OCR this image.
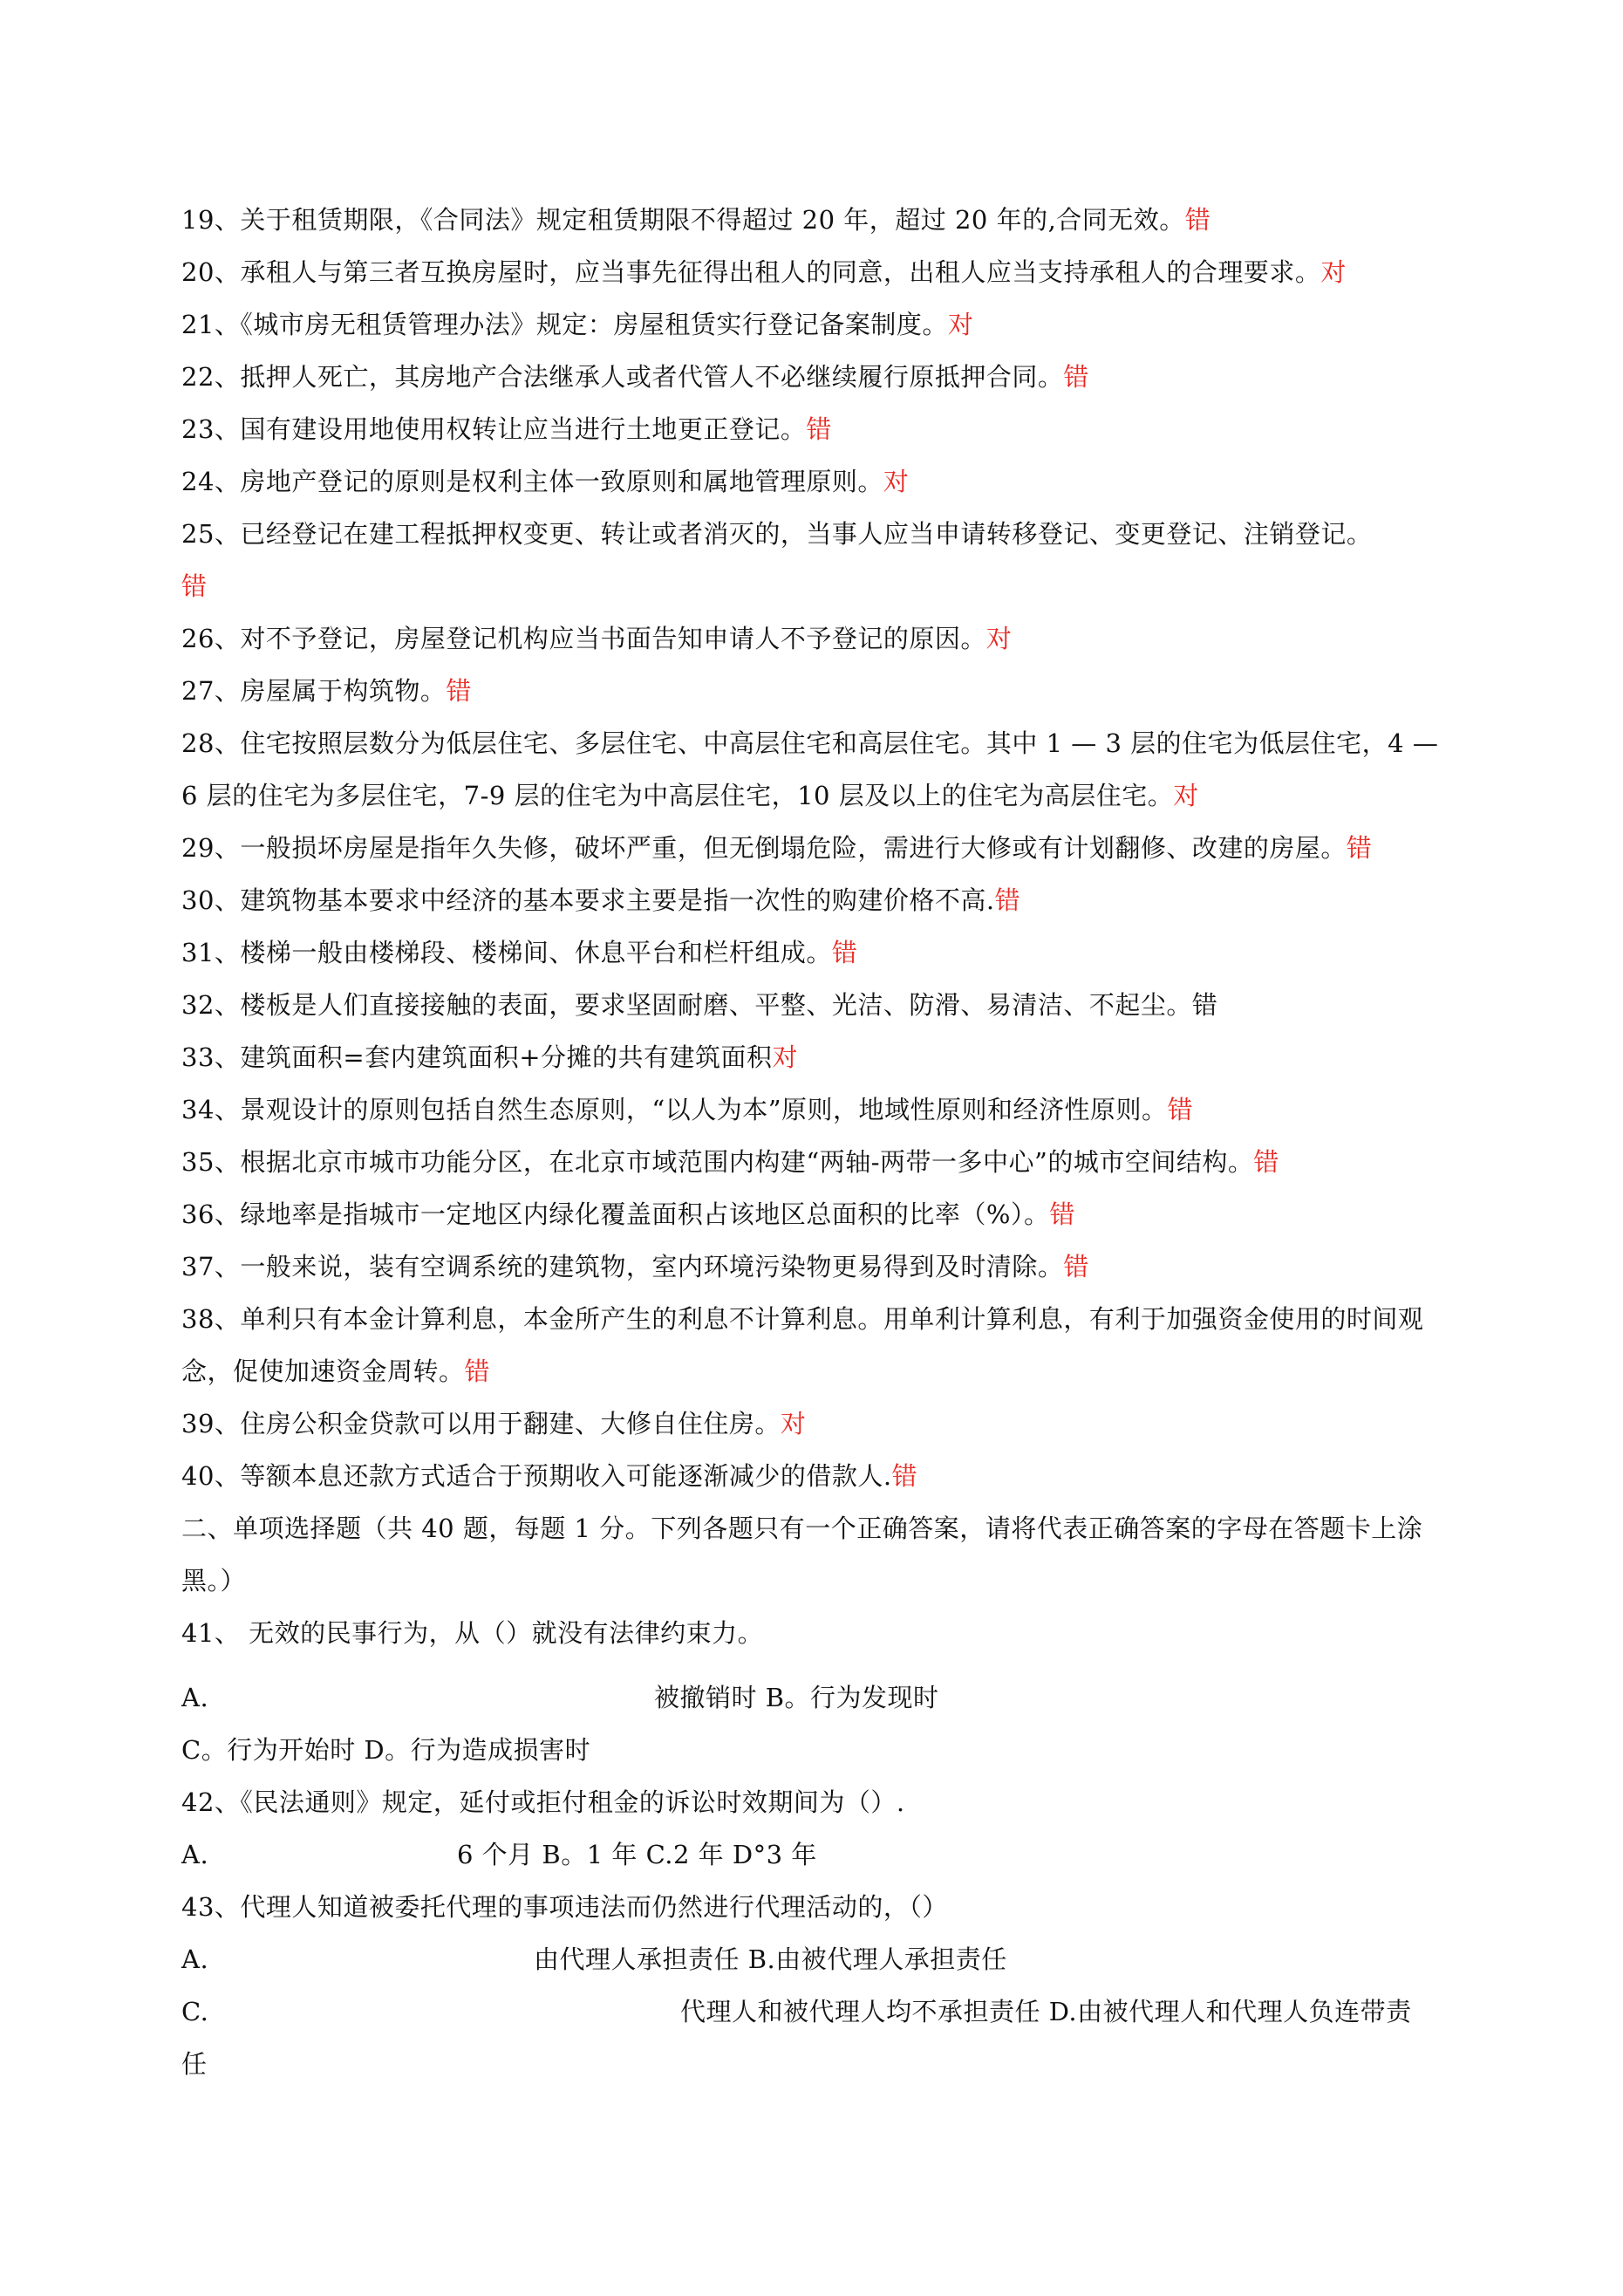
19、关于租赁期限，《合同法》规定租赁期限不得超过 20 年，超过 20 年的,合同无效。错
20、承租人与第三者互换房屋时，应当事先征得出租人的同意，出租人应当支持承租人的合理要求。对
21、《城市房无租赁管理办法》规定：房屋租赁实行登记备案制度。对
22、抵押人死亡，其房地产合法继承人或者代管人不必继续履行原抵押合同。错
23、国有建设用地使用权转让应当进行土地更正登记。错
24、房地产登记的原则是权利主体一致原则和属地管理原则。对
25、已经登记在建工程抵押权变更、转让或者消灭的，当事人应当申请转移登记、变更登记、注销登记。
错
26、对不予登记，房屋登记机构应当书面告知申请人不予登记的原因。对
27、房屋属于构筑物。错
28、住宅按照层数分为低层住宅、多层住宅、中高层住宅和高层住宅。其中 1 — 3 层的住宅为低层住宅，4 —6 层的住宅为多层住宅，7-9 层的住宅为中高层住宅，10 层及以上的住宅为高层住宅。对
29、一般损坏房屋是指年久失修，破坏严重，但无倒塌危险，需进行大修或有计划翻修、改建的房屋。错
30、建筑物基本要求中经济的基本要求主要是指一次性的购建价格不高.错
31、楼梯一般由楼梯段、楼梯间、休息平台和栏杆组成。错
32、楼板是人们直接接触的表面，要求坚固耐磨、平整、光洁、防滑、易清洁、不起尘。错
33、建筑面积=套内建筑面积+分摊的共有建筑面积对
34、景观设计的原则包括自然生态原则，“以人为本”原则，地域性原则和经济性原则。错
35、根据北京市城市功能分区，在北京市域范围内构建“两轴-两带一多中心”的城市空间结构。错
36、绿地率是指城市一定地区内绿化覆盖面积占该地区总面积的比率（%）。错
37、一般来说，装有空调系统的建筑物，室内环境污染物更易得到及时清除。错
38、单利只有本金计算利息，本金所产生的利息不计算利息。用单利计算利息，有利于加强资金使用的时间观念，促使加速资金周转。错
39、住房公积金贷款可以用于翻建、大修自住住房。对
40、等额本息还款方式适合于预期收入可能逐渐减少的借款人.错
二、单项选择题（共 40 题，每题 1 分。下列各题只有一个正确答案，请将代表正确答案的字母在答题卡上涂黑。）
41、 无效的民事行为，从（）就没有法律约束力。
A.	被撤销时 B。行为发现时
C。行为开始时 D。行为造成损害时
42、《民法通则》规定，延付或拒付租金的诉讼时效期间为（）.
A.	6 个月 B。1 年 C.2 年 D°3 年
43、代理人知道被委托代理的事项违法而仍然进行代理活动的，（）
A.	由代理人承担责任 B.由被代理人承担责任
C.	代理人和被代理人均不承担责任 D.由被代理人和代理人负连带责
任
